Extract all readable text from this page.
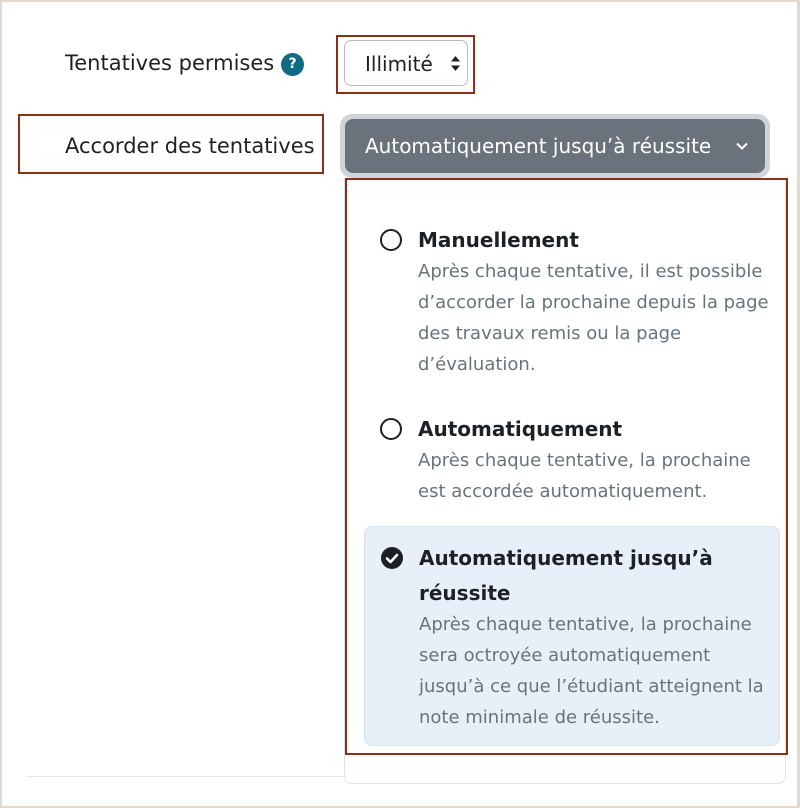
Tentatives permises	?	Illimité
Accorder des tentatives	Automatiquement jusqu’à réussite
Manuellement
Après chaque tentative, il est possible
d’accorder la prochaine depuis la page
des travaux remis ou la page
d’évaluation.
Automatiquement
Après chaque tentative, la prochaine
est accordée automatiquement.
Automatiquement jusqu’à
réussite
Après chaque tentative, la prochaine
sera octroyée automatiquement
jusqu’à ce que l’étudiant atteignent la
note minimale de réussite.
